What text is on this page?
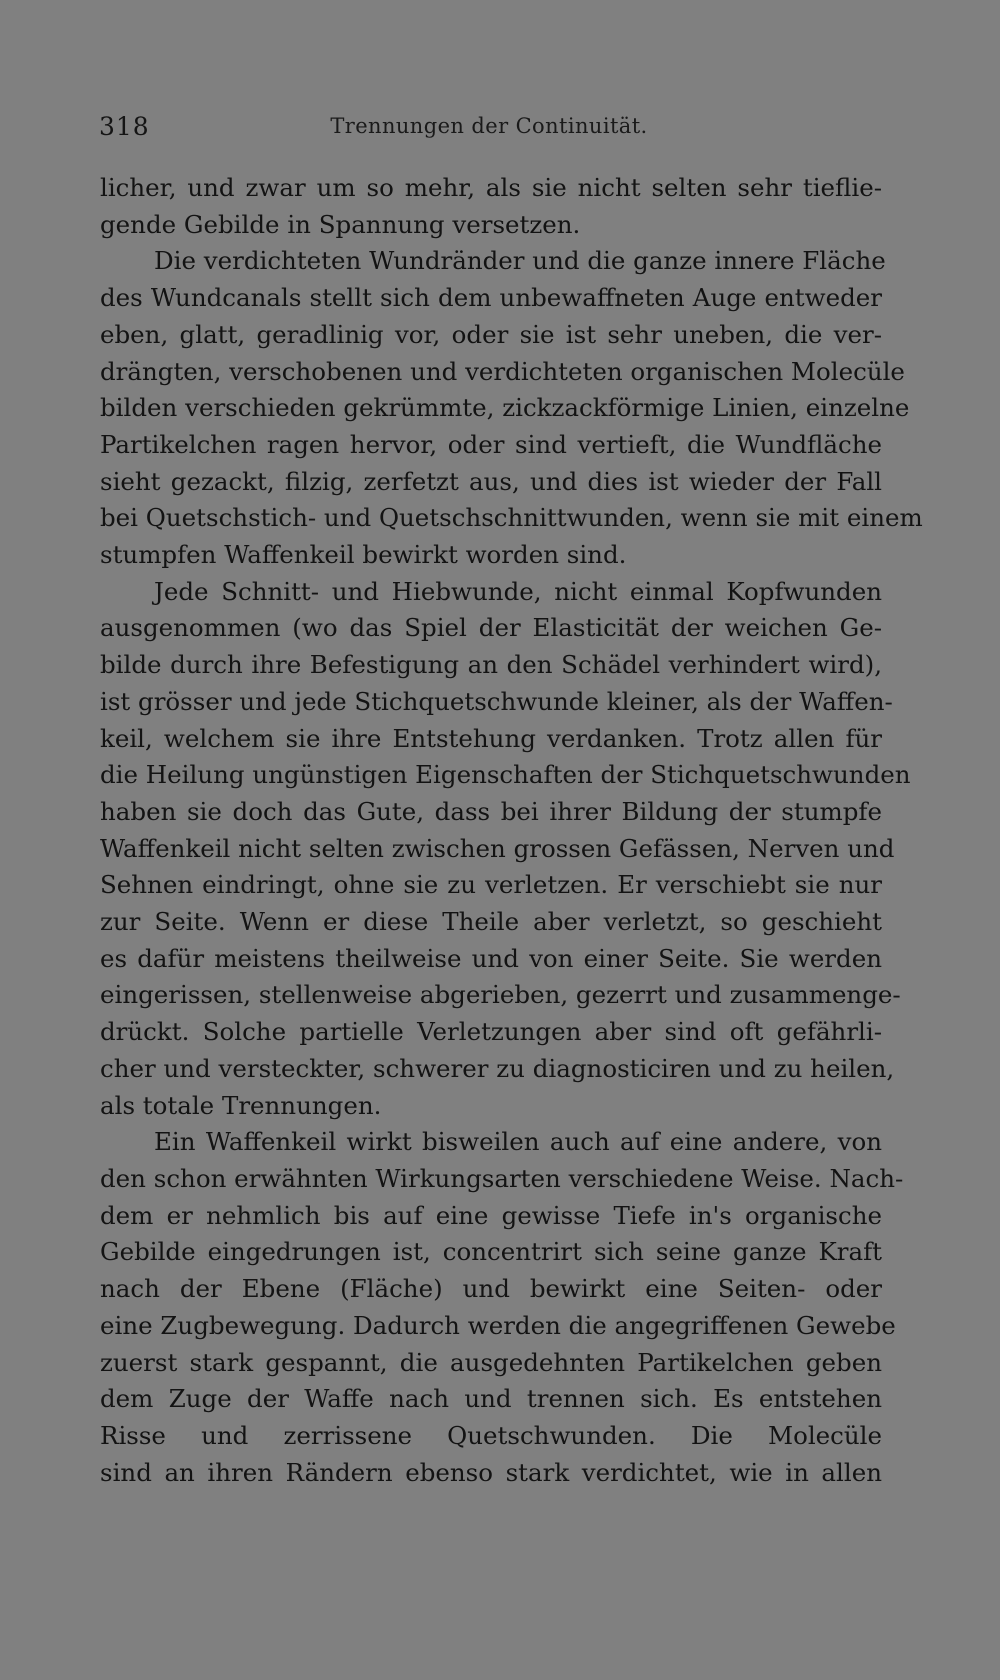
318	Trennungen der Continuität.

licher, und zwar um so mehr, als sie nicht selten sehr tieflie-
gende Gebilde in Spannung versetzen.

Die verdichteten Wundränder und die ganze innere Fläche
des Wundcanals stellt sich dem unbewaffneten Auge entweder
eben, glatt, geradlinig vor, oder sie ist sehr uneben, die ver-
drängten, verschobenen und verdichteten organischen Molecüle
bilden verschieden gekrümmte, zickzackförmige Linien, einzelne
Partikelchen ragen hervor, oder sind vertieft, die Wundfläche
sieht gezackt, filzig, zerfetzt aus, und dies ist wieder der Fall
bei Quetschstich- und Quetschschnittwunden, wenn sie mit einem
stumpfen Waffenkeil bewirkt worden sind.

Jede Schnitt- und Hiebwunde, nicht einmal Kopfwunden
ausgenommen (wo das Spiel der Elasticität der weichen Ge-
bilde durch ihre Befestigung an den Schädel verhindert wird),
ist grösser und jede Stichquetschwunde kleiner, als der Waffen-
keil, welchem sie ihre Entstehung verdanken. Trotz allen für
die Heilung ungünstigen Eigenschaften der Stichquetschwunden
haben sie doch das Gute, dass bei ihrer Bildung der stumpfe
Waffenkeil nicht selten zwischen grossen Gefässen, Nerven und
Sehnen eindringt, ohne sie zu verletzen. Er verschiebt sie nur
zur Seite. Wenn er diese Theile aber verletzt, so geschieht
es dafür meistens theilweise und von einer Seite. Sie werden
eingerissen, stellenweise abgerieben, gezerrt und zusammenge-
drückt. Solche partielle Verletzungen aber sind oft gefährli-
cher und versteckter, schwerer zu diagnosticiren und zu heilen,
als totale Trennungen.

Ein Waffenkeil wirkt bisweilen auch auf eine andere, von
den schon erwähnten Wirkungsarten verschiedene Weise. Nach-
dem er nehmlich bis auf eine gewisse Tiefe in's organische
Gebilde eingedrungen ist, concentrirt sich seine ganze Kraft
nach der Ebene (Fläche) und bewirkt eine Seiten- oder
eine Zugbewegung. Dadurch werden die angegriffenen Gewebe
zuerst stark gespannt, die ausgedehnten Partikelchen geben
dem Zuge der Waffe nach und trennen sich. Es entstehen
Risse und zerrissene Quetschwunden. Die Molecüle
sind an ihren Rändern ebenso stark verdichtet, wie in allen
